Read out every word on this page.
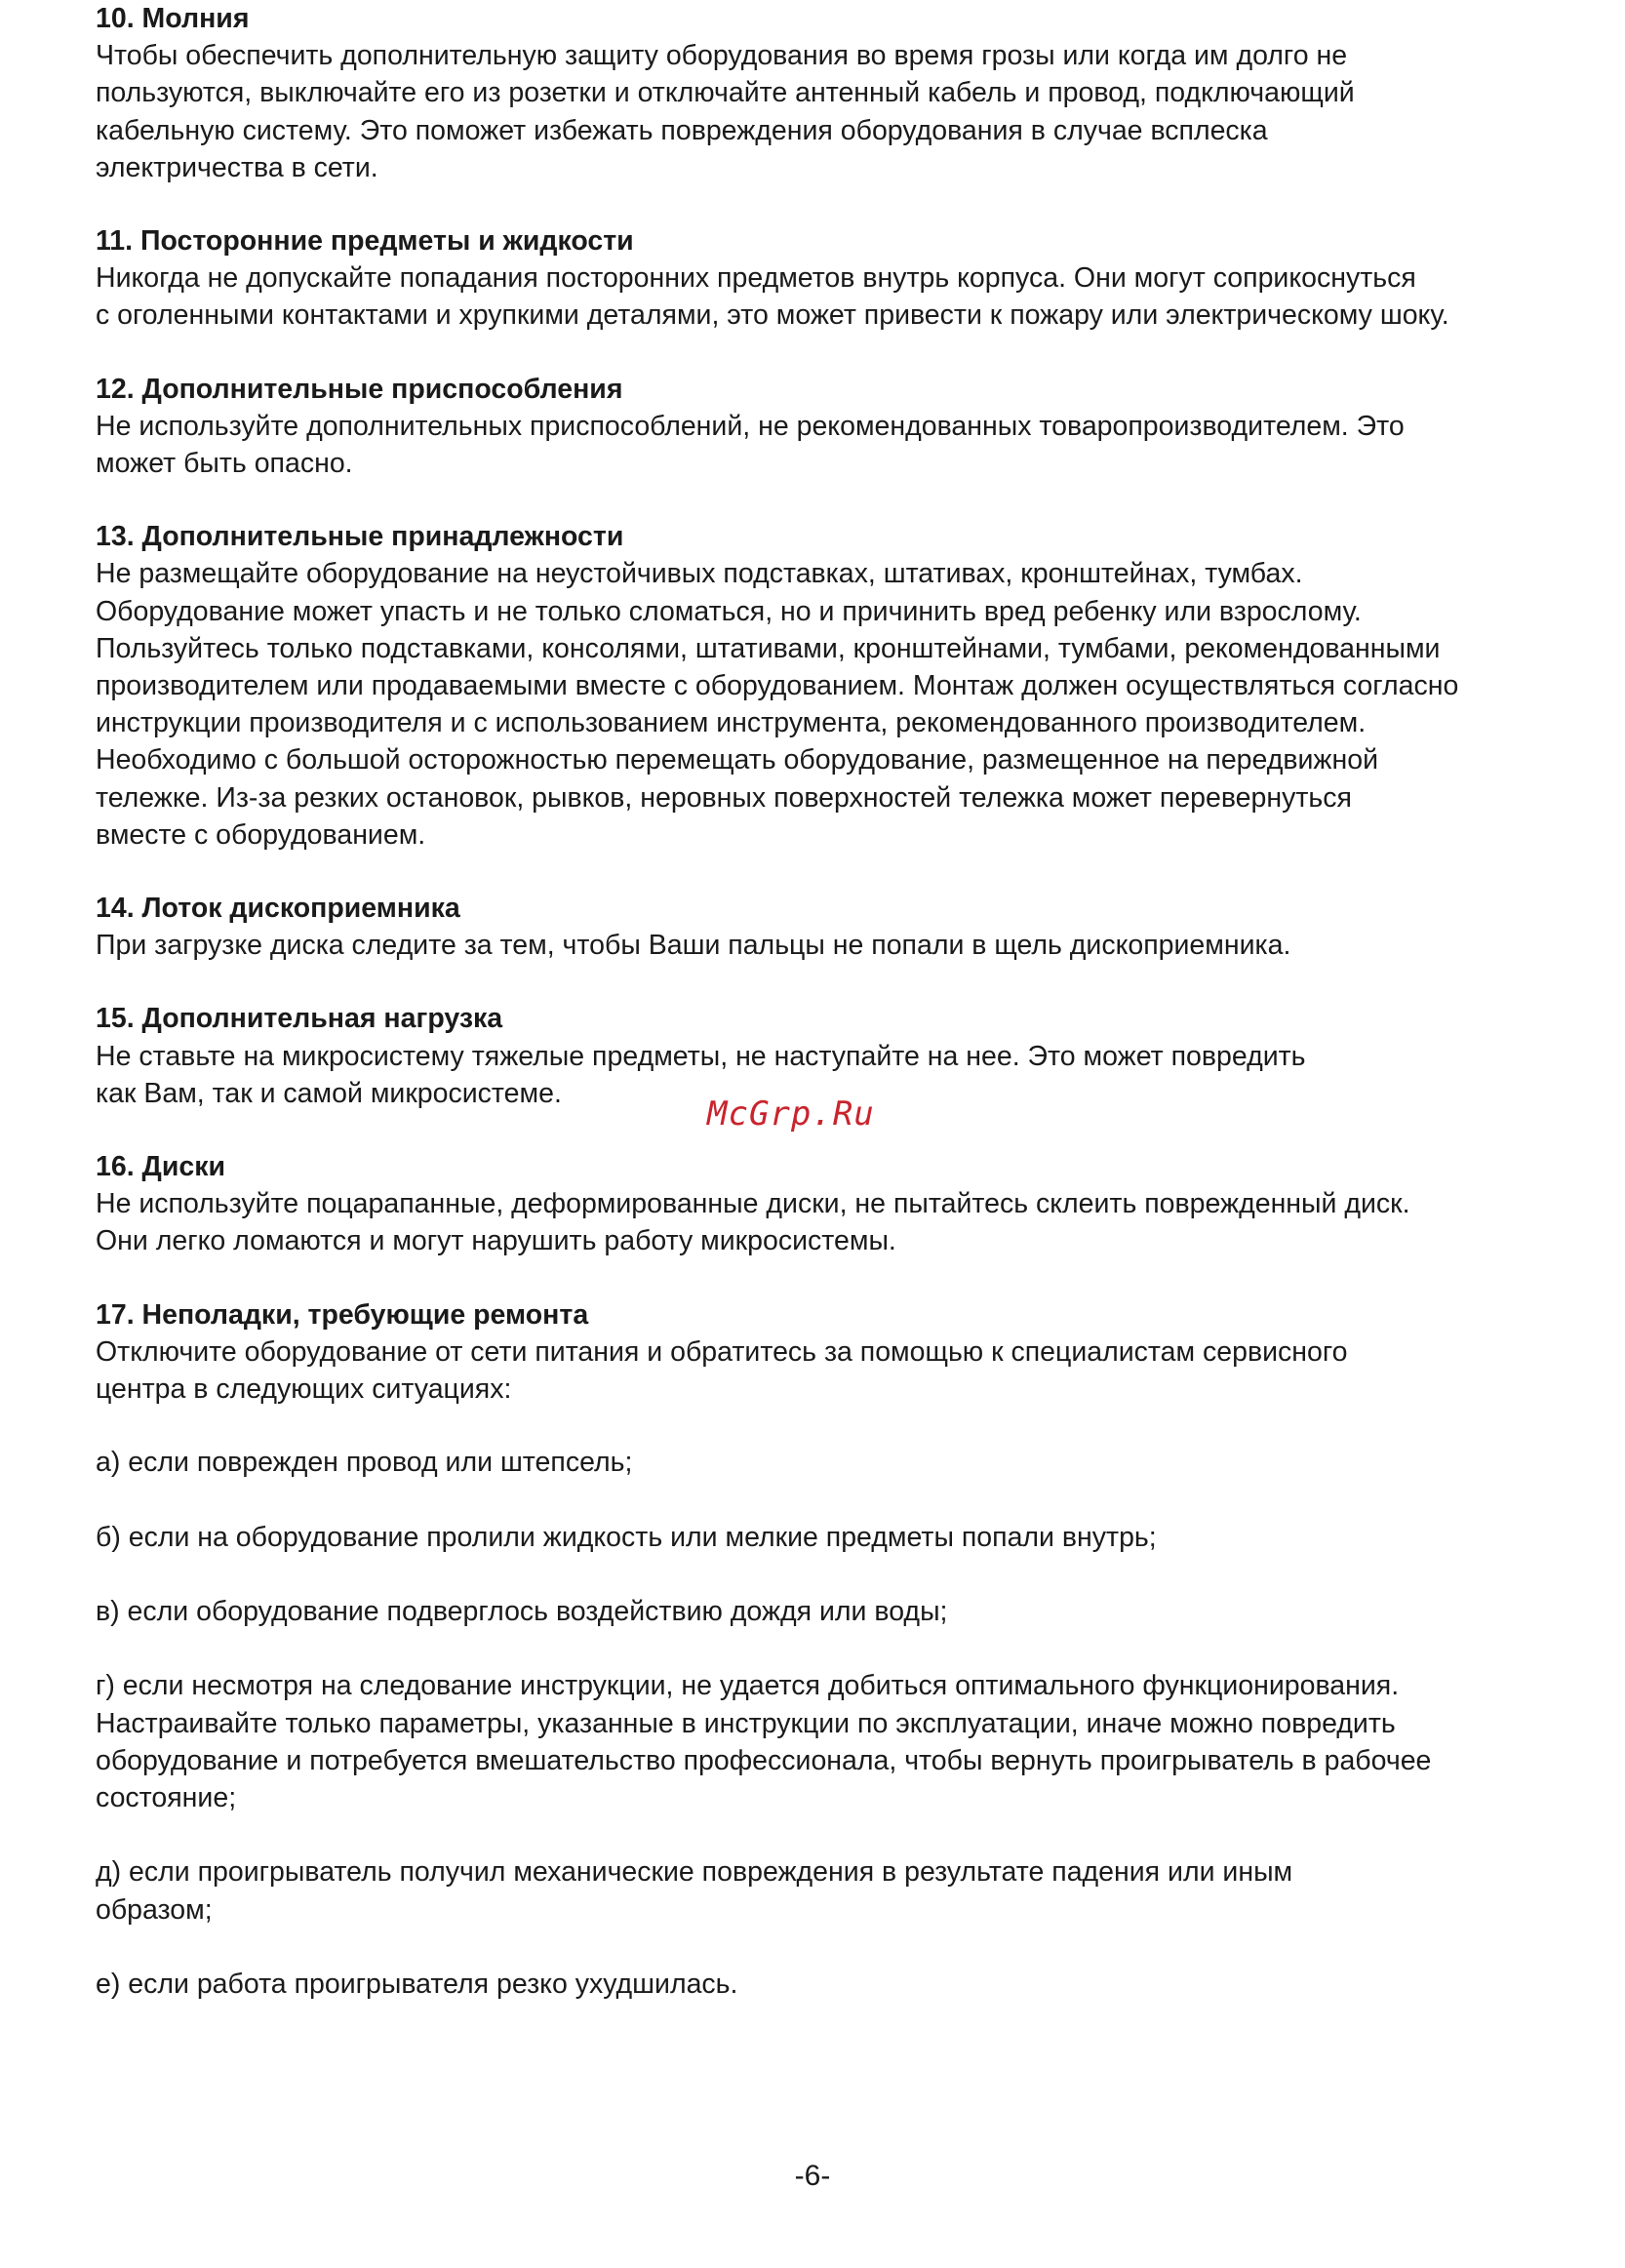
10. Молния

Чтобы обеспечить дополнительную защиту оборудования во время грозы или когда им долго не

пользуются, выключайте его из розетки и отключайте антенный кабель и провод, подключающий

кабельную систему. Это поможет избежать повреждения оборудования в случае всплеска

электричества в сети.

11. Посторонние предметы и жидкости

Никогда не допускайте попадания посторонних предметов внутрь корпуса. Они могут соприкоснуться

с оголенными контактами и хрупкими деталями, это может привести к пожару или электрическому шоку.

12. Дополнительные приспособления

Не используйте дополнительных приспособлений, не рекомендованных товаропроизводителем. Это

может быть опасно.

13. Дополнительные принадлежности

Не размещайте оборудование на неустойчивых подставках, штативах, кронштейнах, тумбах.

Оборудование может упасть и не только сломаться, но и причинить вред ребенку или взрослому.

Пользуйтесь только подставками, консолями, штативами, кронштейнами, тумбами, рекомендованными

производителем или продаваемыми вместе с оборудованием. Монтаж должен осуществляться согласно

инструкции производителя и с использованием инструмента, рекомендованного производителем.

Необходимо с большой осторожностью перемещать оборудование, размещенное на передвижной

тележке. Из-за резких остановок, рывков, неровных поверхностей тележка может перевернуться

вместе с оборудованием.

14. Лоток дископриемника

При загрузке диска следите за тем, чтобы Ваши пальцы не попали в щель дископриемника.

15. Дополнительная нагрузка

Не ставьте на микросистему тяжелые предметы, не наступайте на нее. Это может повредить

как Вам, так и самой микросистеме.

16. Диски

Не используйте поцарапанные, деформированные диски, не пытайтесь склеить поврежденный диск.

Они легко ломаются и могут нарушить работу микросистемы.

17. Неполадки, требующие ремонта

Отключите оборудование от сети питания и обратитесь за помощью к специалистам сервисного

центра в следующих ситуациях:

а) если поврежден провод или штепсель;

б) если на оборудование пролили жидкость или мелкие предметы попали внутрь;

в) если оборудование подверглось воздействию дождя или воды;

г) если несмотря на следование инструкции, не удается добиться оптимального функционирования.
Настраивайте только параметры, указанные в инструкции по эксплуатации, иначе можно повредить
оборудование и потребуется вмешательство профессионала, чтобы вернуть проигрыватель в рабочее
состояние;

д) если проигрыватель получил механические повреждения в результате падения или иным
образом;

е) если работа проигрывателя резко ухудшилась.

McGrp.Ru
-6-
